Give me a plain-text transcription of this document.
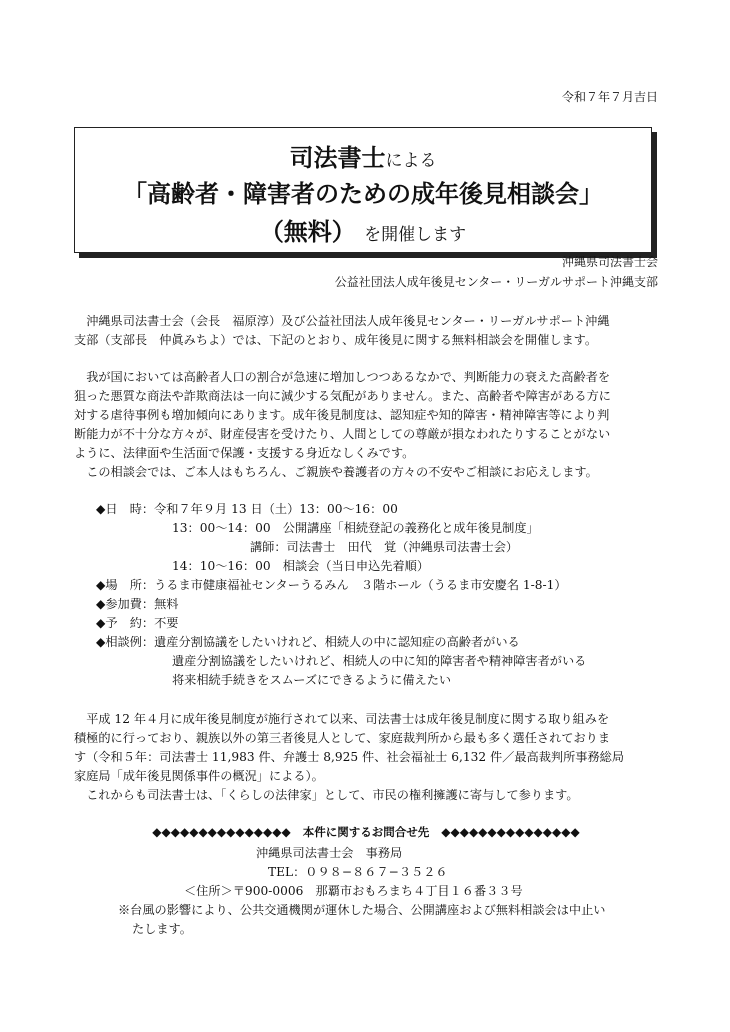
令和７年７月吉日
司法書士による
「高齢者・障害者のための成年後見相談会」
（無料） を開催します
沖縄県司法書士会
公益社団法人成年後見センター・リーガルサポート沖縄支部

沖縄県司法書士会（会長　福原淳）及び公益社団法人成年後見センター・リーガルサポート沖縄

支部（支部長　仲眞みちよ）では、下記のとおり、成年後見に関する無料相談会を開催します。

我が国においては高齢者人口の割合が急速に増加しつつあるなかで、判断能力の衰えた高齢者を

狙った悪質な商法や詐欺商法は一向に減少する気配がありません。また、高齢者や障害がある方に

対する虐待事例も増加傾向にあります。成年後見制度は、認知症や知的障害・精神障害等により判

断能力が不十分な方々が、財産侵害を受けたり、人間としての尊厳が損なわれたりすることがない

ように、法律面や生活面で保護・支援する身近なしくみです。

この相談会では、ご本人はもちろん、ご親族や養護者の方々の不安やご相談にお応えします。

◆日　時：令和７年９月 13 日（土）13：00〜16：00
13：00〜14：00　公開講座「相続登記の義務化と成年後見制度」
講師：司法書士　田代　覚（沖縄県司法書士会）
14：10〜16：00　相談会（当日申込先着順）
◆場　所：うるま市健康福祉センターうるみん　３階ホール（うるま市安慶名 1-8-1）
◆参加費：無料
◆予　約：不要
◆相談例：遺産分割協議をしたいけれど、相続人の中に認知症の高齢者がいる
遺産分割協議をしたいけれど、相続人の中に知的障害者や精神障害者がいる
将来相続手続きをスムーズにできるように備えたい

平成 12 年４月に成年後見制度が施行されて以来、司法書士は成年後見制度に関する取り組みを

積極的に行っており、親族以外の第三者後見人として、家庭裁判所から最も多く選任されておりま

す（令和５年：司法書士 11,983 件、弁護士 8,925 件、社会福祉士 6,132 件／最高裁判所事務総局

家庭局「成年後見関係事件の概況」による）。

これからも司法書士は、「くらしの法律家」として、市民の権利擁護に寄与して参ります。

◆◆◆◆◆◆◆◆◆◆◆◆◆◆◆ 本件に関するお問合せ先 ◆◆◆◆◆◆◆◆◆◆◆◆◆◆◆
沖縄県司法書士会　事務局
TEL：０９８−８６７−３５２６
＜住所＞〒900-0006　那覇市おもろまち４丁目１６番３３号
※台風の影響により、公共交通機関が運休した場合、公開講座および無料相談会は中止い
たします。
